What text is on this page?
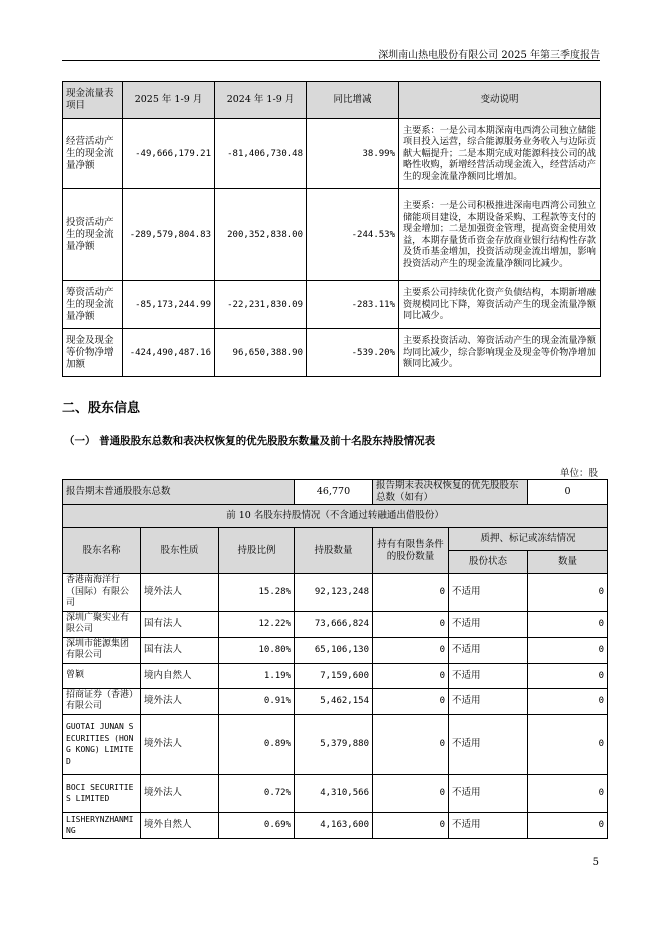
深圳南山热电股份有限公司 2025 年第三季度报告
现金流量表项目	2025 年 1-9 月	2024 年 1-9 月	同比增减	变动说明
经营活动产生的现金流量净额	-49,666,179.21	-81,406,730.48	38.99%	主要系：一是公司本期深南电西湾公司独立储能项目投入运营，综合能源服务业务收入与边际贡献大幅提升；二是本期完成对能源科技公司的战略性收购，新增经营活动现金流入，经营活动产生的现金流量净额同比增加。
投资活动产生的现金流量净额	-289,579,804.83	200,352,838.00	-244.53%	主要系：一是公司积极推进深南电西湾公司独立储能项目建设，本期设备采购、工程款等支付的现金增加；二是加强资金管理，提高资金使用效益，本期存量货币资金存放商业银行结构性存款及货币基金增加，投资活动现金流出增加，影响投资活动产生的现金流量净额同比减少。
筹资活动产生的现金流量净额	-85,173,244.99	-22,231,830.09	-283.11%	主要系公司持续优化资产负债结构，本期新增融资规模同比下降，筹资活动产生的现金流量净额同比减少。
现金及现金等价物净增加额	-424,490,487.16	96,650,388.90	-539.20%	主要系投资活动、筹资活动产生的现金流量净额均同比减少，综合影响现金及现金等价物净增加额同比减少。
二、股东信息
（一） 普通股股东总数和表决权恢复的优先股股东数量及前十名股东持股情况表
单位：股
报告期末普通股股东总数			46,770	报告期末表决权恢复的优先股股东总数（如有）		0
前 10 名股东持股情况（不含通过转融通出借股份）						
股东名称	股东性质	持股比例	持股数量	持有有限售条件的股份数量	质押、标记或冻结情况	
					股份状态	数量
香港南海洋行（国际）有限公司	境外法人	15.28%	92,123,248	0	不适用	0
深圳广聚实业有限公司	国有法人	12.22%	73,666,824	0	不适用	0
深圳市能源集团有限公司	国有法人	10.80%	65,106,130	0	不适用	0
曾颖	境内自然人	1.19%	7,159,600	0	不适用	0
招商证券（香港）有限公司	境外法人	0.91%	5,462,154	0	不适用	0
GUOTAI JUNAN SECURITIES (HONG KONG) LIMITED	境外法人	0.89%	5,379,880	0	不适用	0
BOCI SECURITIES LIMITED	境外法人	0.72%	4,310,566	0	不适用	0
LISHERYNZHANMING	境外自然人	0.69%	4,163,600	0	不适用	0
5
